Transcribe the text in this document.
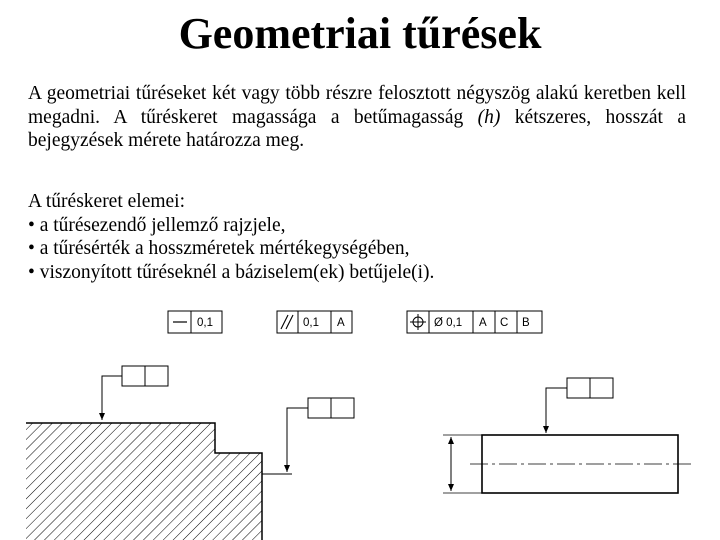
Geometriai tűrések
A geometriai tűréseket két vagy több részre felosztott négyszög alakú keretben kell megadni. A tűréskeret magassága a betűmagasság (h) kétszeres, hosszát a bejegyzések mérete határozza meg.
A tűréskeret elemei:
• a tűrésezendő jellemző rajzjele,
• a tűrésérték a hosszméretek mértékegységében,
• viszonyított tűréseknél a báziselem(ek) betűjele(i).
0,1	0,1 A	Ø 0,1 A C B
